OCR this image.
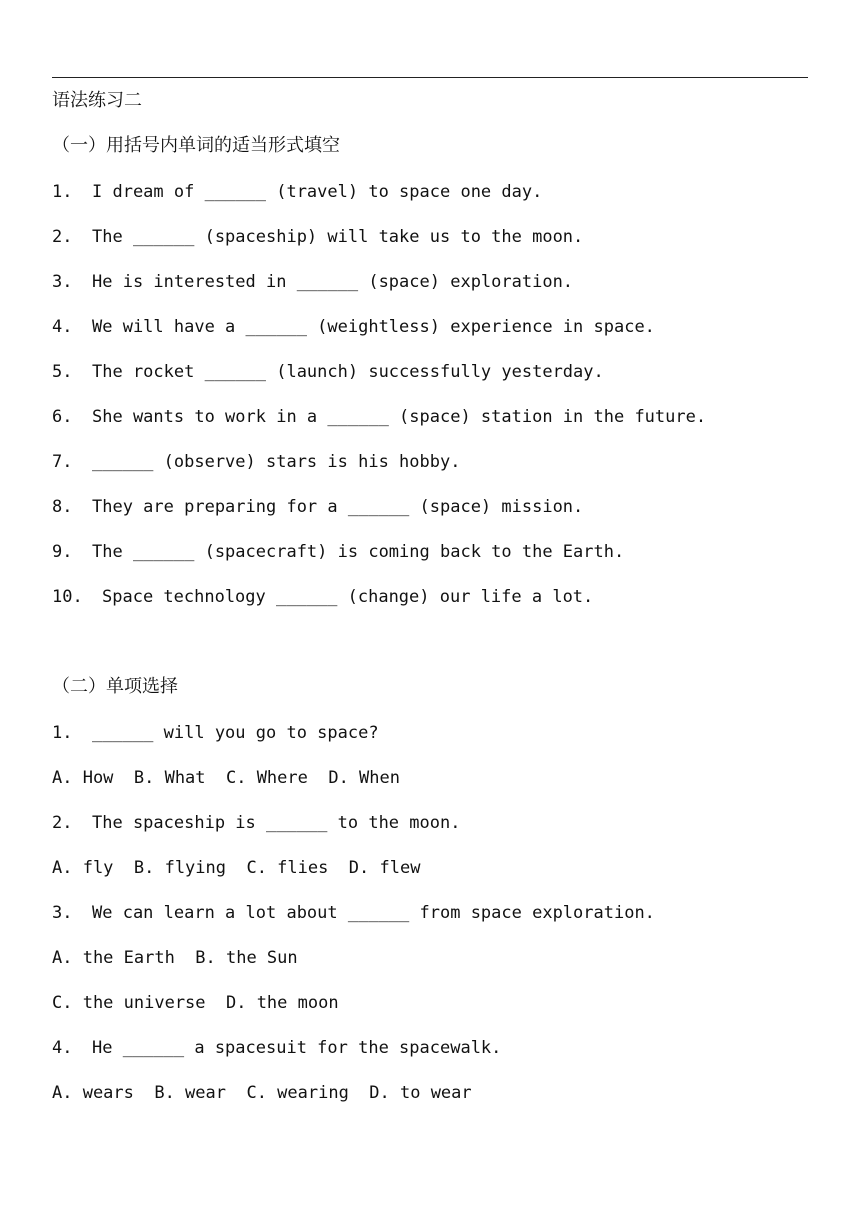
语法练习二
（一）用括号内单词的适当形式填空
1. I dream of ______ (travel) to space one day.
2. The ______ (spaceship) will take us to the moon.
3. He is interested in ______ (space) exploration.
4. We will have a ______ (weightless) experience in space.
5. The rocket ______ (launch) successfully yesterday.
6. She wants to work in a ______ (space) station in the future.
7. ______ (observe) stars is his hobby.
8. They are preparing for a ______ (space) mission.
9. The ______ (spacecraft) is coming back to the Earth.
10. Space technology ______ (change) our life a lot.
（二）单项选择
1. ______ will you go to space?
A. How  B. What  C. Where  D. When
2. The spaceship is ______ to the moon.
A. fly  B. flying  C. flies  D. flew
3. We can learn a lot about ______ from space exploration.
A. the Earth  B. the Sun
C. the universe  D. the moon
4. He ______ a spacesuit for the spacewalk.
A. wears  B. wear  C. wearing  D. to wear
